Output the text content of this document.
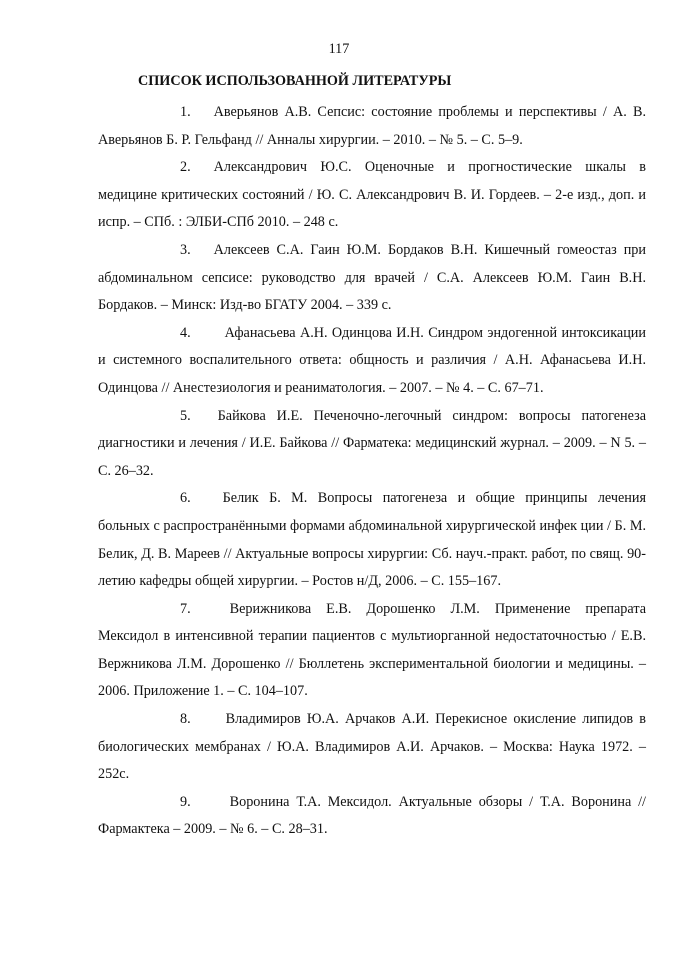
117
СПИСОК ИСПОЛЬЗОВАННОЙ ЛИТЕРАТУРЫ

1. Аверьянов А.В. Сепсис: состояние проблемы и перспективы / А. В. Аверьянов Б. Р. Гельфанд // Анналы хирургии. – 2010. – № 5. – С. 5–9.

2. Александрович Ю.С. Оценочные и прогностические шкалы в медицине критических состояний / Ю. С. Александрович В. И. Гордеев. – 2-е изд., доп. и испр. – СПб. : ЭЛБИ-СПб 2010. – 248 с.

3. Алексеев С.А. Гаин Ю.М. Бордаков В.Н. Кишечный гомеостаз при абдоминальном сепсисе: руководство для врачей / С.А. Алексеев Ю.М. Гаин В.Н. Бордаков. – Минск: Изд-во БГАТУ 2004. – 339 с.

4. Афанасьева А.Н. Одинцова И.Н. Синдром эндогенной интоксикации и системного воспалительного ответа: общность и различия / А.Н. Афанасьева И.Н. Одинцова // Анестезиология и реаниматология. – 2007. – № 4. – С. 67–71.

5. Байкова И.Е. Печеночно-легочный синдром: вопросы патогенеза диагностики и лечения / И.Е. Байкова // Фарматека: медицинский журнал. – 2009. – N 5. – С. 26–32.

6. Белик Б. М. Вопросы патогенеза и общие принципы лечения больных с распространёнными формами абдоминальной хирургической инфек ции / Б. М. Белик, Д. В. Мареев // Актуальные вопросы хирургии: Сб. науч.-практ. работ, по свящ. 90-летию кафедры общей хирургии. – Ростов н/Д, 2006. – С. 155–167.

7.	Верижникова Е.В. Дорошенко Л.М. Применение препарата Мексидол в интенсивной терапии пациентов с мультиорганной недостаточностью / Е.В. Вержникова Л.М. Дорошенко // Бюллетень экспериментальной биологии и медицины. – 2006. Приложение 1. – С. 104–107.

8. Владимиров Ю.А. Арчаков А.И. Перекисное окисление липидов в биологических мембранах / Ю.А. Владимиров А.И. Арчаков. – Москва: Наука 1972. – 252с.

9.	Воронина Т.А. Мексидол. Актуальные обзоры / Т.А. Воронина // Фармактека – 2009. – № 6. – С. 28–31.
